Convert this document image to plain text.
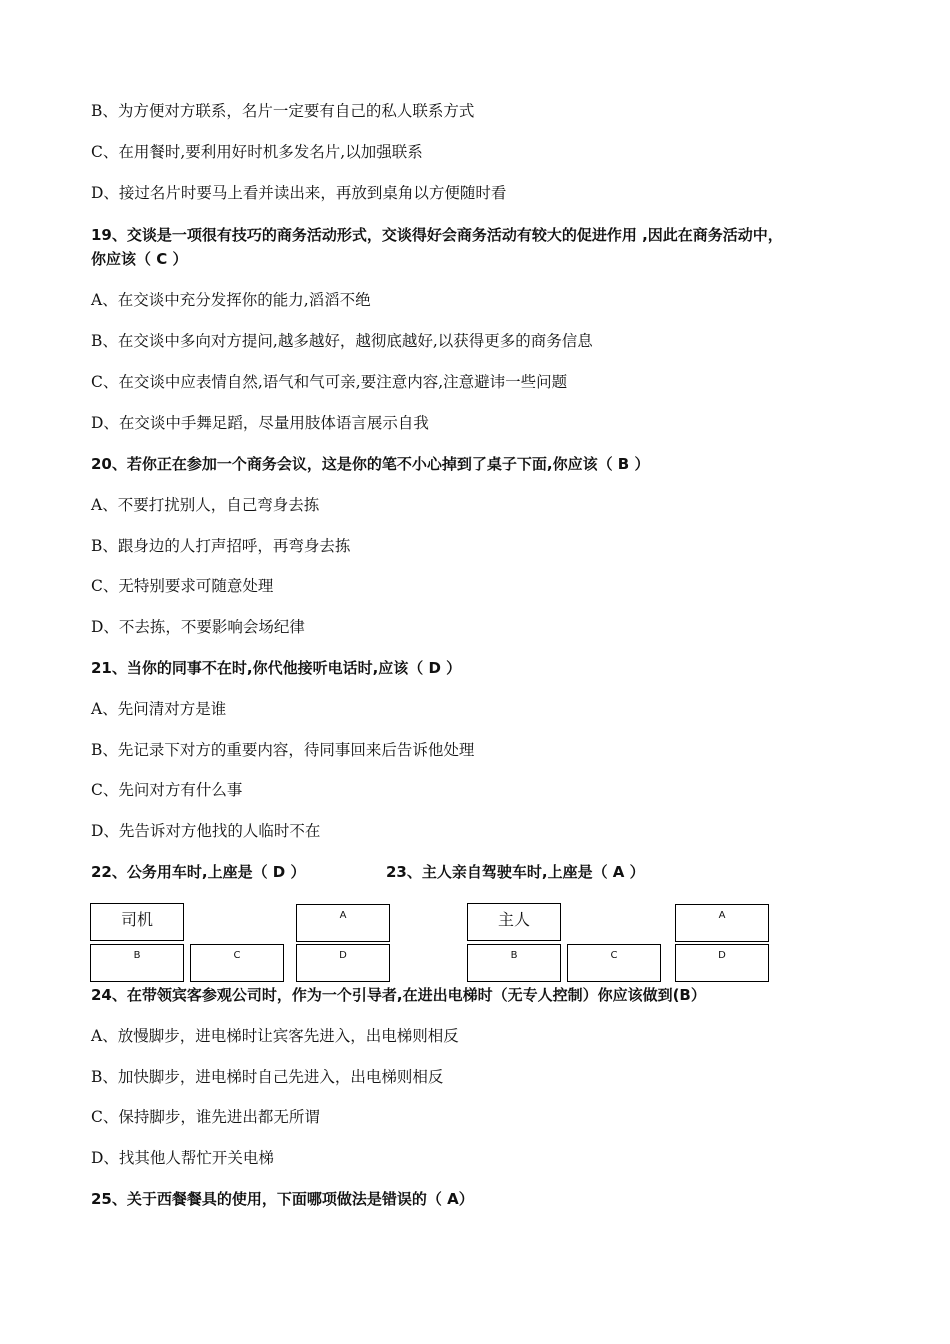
B、为方便对方联系，名片一定要有自己的私人联系方式
C、在用餐时,要利用好时机多发名片,以加强联系
D、接过名片时要马上看并读出来，再放到桌角以方便随时看
19、交谈是一项很有技巧的商务活动形式，交谈得好会商务活动有较大的促进作用 ,因此在商务活动中，
你应该（ C ）
A、在交谈中充分发挥你的能力,滔滔不绝
B、在交谈中多向对方提问,越多越好，越彻底越好,以获得更多的商务信息
C、在交谈中应表情自然,语气和气可亲,要注意内容,注意避讳一些问题
D、在交谈中手舞足蹈，尽量用肢体语言展示自我
20、若你正在参加一个商务会议，这是你的笔不小心掉到了桌子下面,你应该（ B ）
A、不要打扰别人，自己弯身去拣
B、跟身边的人打声招呼，再弯身去拣
C、无特别要求可随意处理
D、不去拣，不要影响会场纪律
21、当你的同事不在时,你代他接听电话时,应该（ D ）
A、先问清对方是谁
B、先记录下对方的重要内容，待同事回来后告诉他处理
C、先问对方有什么事
D、先告诉对方他找的人临时不在
22、公务用车时,上座是（ D ）	23、主人亲自驾驶车时,上座是（ A ）
司机	A
B	C	D
主人	A
B	C	D
24、在带领宾客参观公司时，作为一个引导者,在进出电梯时（无专人控制）你应该做到(B）
A、放慢脚步，进电梯时让宾客先进入，出电梯则相反
B、加快脚步，进电梯时自己先进入，出电梯则相反
C、保持脚步，谁先进出都无所谓
D、找其他人帮忙开关电梯
25、关于西餐餐具的使用，下面哪项做法是错误的（ A）
